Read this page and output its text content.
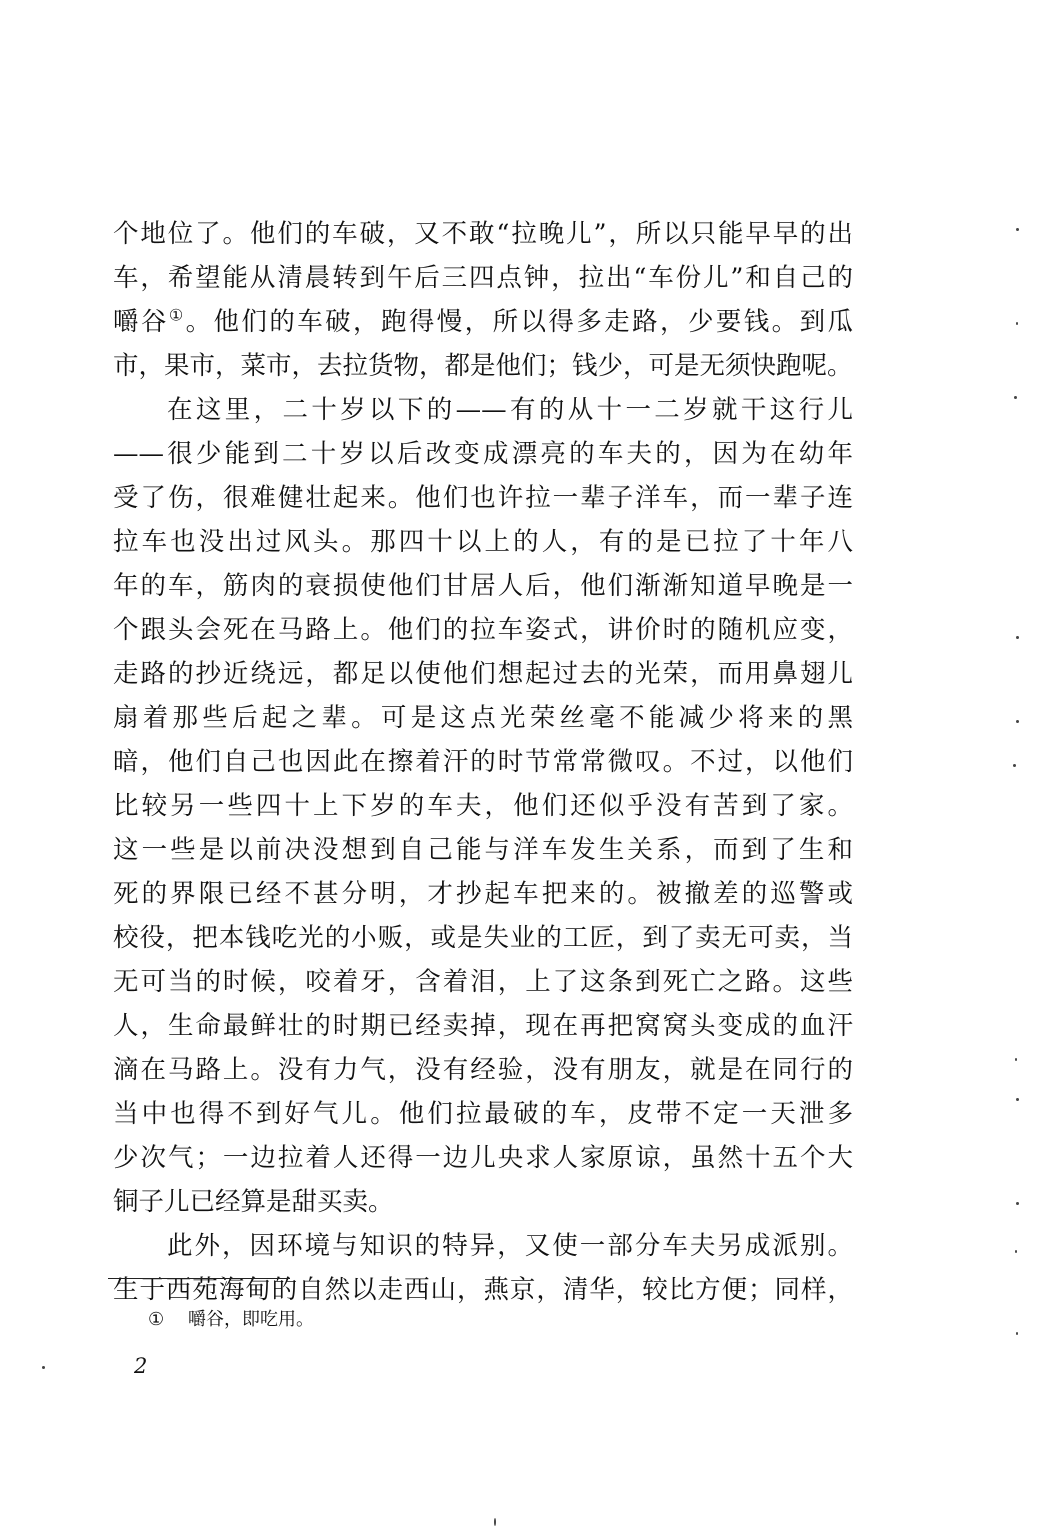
个地位了。他们的车破，又不敢“拉晚儿”，所以只能早早的出
车，希望能从清晨转到午后三四点钟，拉出“车份儿”和自己的
嚼谷①。他们的车破，跑得慢，所以得多走路，少要钱。到瓜
市，果市，菜市，去拉货物，都是他们；钱少，可是无须快跑呢。
在这里，二十岁以下的——有的从十一二岁就干这行儿
——很少能到二十岁以后改变成漂亮的车夫的，因为在幼年
受了伤，很难健壮起来。他们也许拉一辈子洋车，而一辈子连
拉车也没出过风头。那四十以上的人，有的是已拉了十年八
年的车，筋肉的衰损使他们甘居人后，他们渐渐知道早晚是一
个跟头会死在马路上。他们的拉车姿式，讲价时的随机应变，
走路的抄近绕远，都足以使他们想起过去的光荣，而用鼻翅儿
扇着那些后起之辈。可是这点光荣丝毫不能减少将来的黑
暗，他们自己也因此在擦着汗的时节常常微叹。不过，以他们
比较另一些四十上下岁的车夫，他们还似乎没有苦到了家。
这一些是以前决没想到自己能与洋车发生关系，而到了生和
死的界限已经不甚分明，才抄起车把来的。被撤差的巡警或
校役，把本钱吃光的小贩，或是失业的工匠，到了卖无可卖，当
无可当的时候，咬着牙，含着泪，上了这条到死亡之路。这些
人，生命最鲜壮的时期已经卖掉，现在再把窝窝头变成的血汗
滴在马路上。没有力气，没有经验，没有朋友，就是在同行的
当中也得不到好气儿。他们拉最破的车，皮带不定一天泄多
少次气；一边拉着人还得一边儿央求人家原谅，虽然十五个大
铜子儿已经算是甜买卖。
此外，因环境与知识的特异，又使一部分车夫另成派别。
生于西苑海甸的自然以走西山，燕京，清华，较比方便；同样，
① 嚼谷，即吃用。
2
